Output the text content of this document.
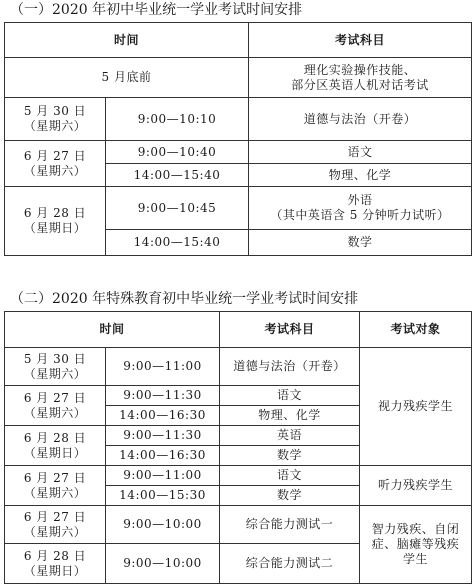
（一）2020 年初中毕业统一学业考试时间安排
时间		考试科目
5 月底前		理化实验操作技能、
部分区英语人机对话考试

5 月 30 日
（星期六）	9:00—10:10	道德与法治（开卷）

6 月 27 日
（星期六）	9:00—10:40	语文
	14:00—15:40	物理、化学

6 月 28 日
（星期日）	9:00—10:45	外语
（其中英语含 5 分钟听力试听）

	14:00—15:40	数学
（二）2020 年特殊教育初中毕业统一学业考试时间安排
时间		考试科目	考试对象

5 月 30 日
（星期六）	9:00—11:00	道德与法治（开卷）	视力残疾学生

6 月 27 日
（星期六）	9:00—11:30	语文	
	14:00—16:30	物理、化学	

6 月 28 日
（星期日）	9:00—11:30	英语	
	14:00—16:30	数学	

6 月 27 日
（星期六）	9:00—11:00	语文	听力残疾学生
	14:00—15:30	数学	

6 月 27 日
（星期六）	9:00—10:00	综合能力测试一	智力残疾、自闭
症、脑瘫等残疾
学生

6 月 28 日
（星期日）	9:00—10:00	综合能力测试二	
